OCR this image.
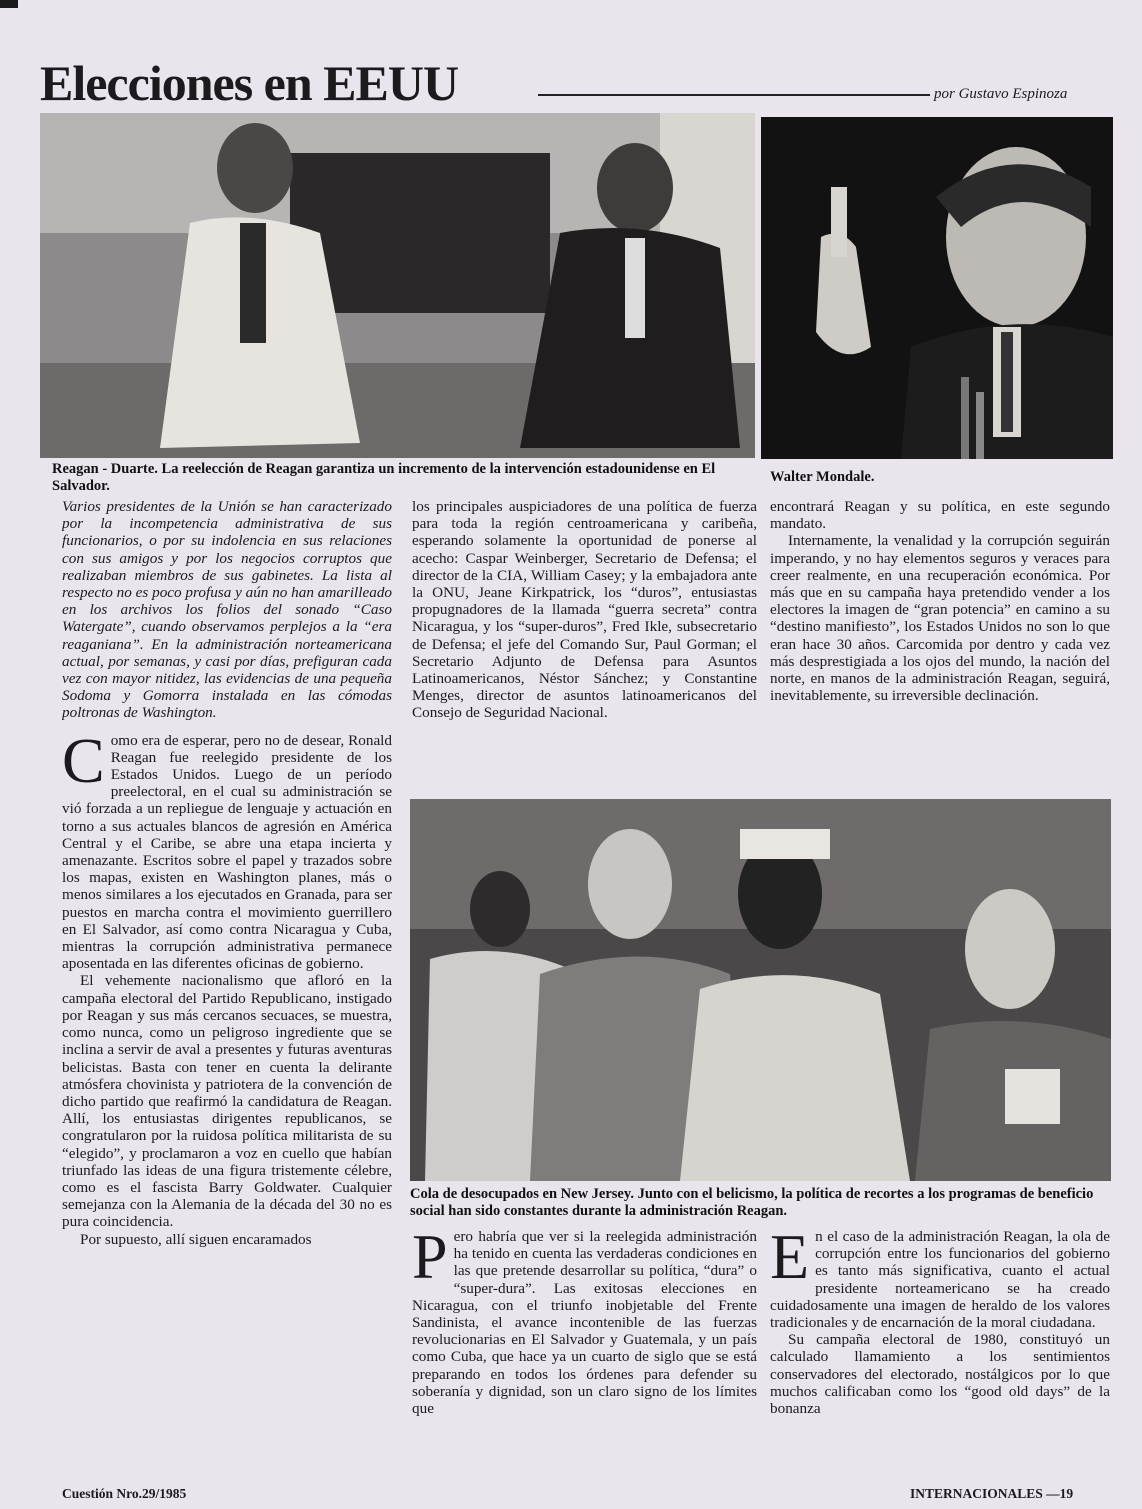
Elecciones en EEUU	por Gustavo Espinoza
Reagan - Duarte. La reelección de Reagan garantiza un incremento de la intervención estadounidense en El Salvador.
Walter Mondale.

Varios presidentes de la Unión se han caracterizado por la incompetencia administrativa de sus funcionarios, o por su indolencia en sus relaciones con sus amigos y por los negocios corruptos que realizaban miembros de sus gabinetes. La lista al respecto no es poco profusa y aún no han amarilleado en los archivos los folios del sonado “Caso Watergate”, cuando observamos perplejos a la “era reaganiana”. En la administración norteamericana actual, por semanas, y casi por días, prefiguran cada vez con mayor nitidez, las evidencias de una pequeña Sodoma y Gomorra instalada en las cómodas poltronas de Washington.

Como era de esperar, pero no de desear, Ronald Reagan fue reelegido presidente de los Estados Unidos. Luego de un período preelectoral, en el cual su administración se vió forzada a un repliegue de lenguaje y actuación en torno a sus actuales blancos de agresión en América Central y el Caribe, se abre una etapa incierta y amenazante. Escritos sobre el papel y trazados sobre los mapas, existen en Washington planes, más o menos similares a los ejecutados en Granada, para ser puestos en marcha contra el movimiento guerrillero en El Salvador, así como contra Nicaragua y Cuba, mientras la corrupción administrativa permanece aposentada en las diferentes oficinas de gobierno.

El vehemente nacionalismo que afloró en la campaña electoral del Partido Republicano, instigado por Reagan y sus más cercanos secuaces, se muestra, como nunca, como un peligroso ingrediente que se inclina a servir de aval a presentes y futuras aventuras belicistas. Basta con tener en cuenta la delirante atmósfera chovinista y patriotera de la convención de dicho partido que reafirmó la candidatura de Reagan. Allí, los entusiastas dirigentes republicanos, se congratularon por la ruidosa política militarista de su “elegido”, y proclamaron a voz en cuello que habían triunfado las ideas de una figura tristemente célebre, como es el fascista Barry Goldwater. Cualquier semejanza con la Alemania de la década del 30 no es pura coincidencia.

Por supuesto, allí siguen encaramados

los principales auspiciadores de una política de fuerza para toda la región centroamericana y caribeña, esperando solamente la oportunidad de ponerse al acecho: Caspar Weinberger, Secretario de Defensa; el director de la CIA, William Casey; y la embajadora ante la ONU, Jeane Kirkpatrick, los “duros”, entusiastas propugnadores de la llamada “guerra secreta” contra Nicaragua, y los “super-duros”, Fred Ikle, subsecretario de Defensa; el jefe del Comando Sur, Paul Gorman; el Secretario Adjunto de Defensa para Asuntos Latinoamericanos, Néstor Sánchez; y Constantine Menges, director de asuntos latinoamericanos del Consejo de Seguridad Nacional.

encontrará Reagan y su política, en este segundo mandato.

Internamente, la venalidad y la corrupción seguirán imperando, y no hay elementos seguros y veraces para creer realmente, en una recuperación económica. Por más que en su campaña haya pretendido vender a los electores la imagen de “gran potencia” en camino a su “destino manifiesto”, los Estados Unidos no son lo que eran hace 30 años. Carcomida por dentro y cada vez más desprestigiada a los ojos del mundo, la nación del norte, en manos de la administración Reagan, seguirá, inevitablemente, su irreversible declinación.

Cola de desocupados en New Jersey. Junto con el belicismo, la política de recortes a los programas de beneficio social han sido constantes durante la administración Reagan.

Pero habría que ver si la reelegida administración ha tenido en cuenta las verdaderas condiciones en las que pretende desarrollar su política, “dura” o “super-dura”. Las exitosas elecciones en Nicaragua, con el triunfo inobjetable del Frente Sandinista, el avance incontenible de las fuerzas revolucionarias en El Salvador y Guatemala, y un país como Cuba, que hace ya un cuarto de siglo que se está preparando en todos los órdenes para defender su soberanía y dignidad, son un claro signo de los límites que

En el caso de la administración Reagan, la ola de corrupción entre los funcionarios del gobierno es tanto más significativa, cuanto el actual presidente norteamericano se ha creado cuidadosamente una imagen de heraldo de los valores tradicionales y de encarnación de la moral ciudadana.

Su campaña electoral de 1980, constituyó un calculado llamamiento a los sentimientos conservadores del electorado, nostálgicos por lo que muchos calificaban como los “good old days” de la bonanza

Cuestión Nro.29/1985	INTERNACIONALES —19
